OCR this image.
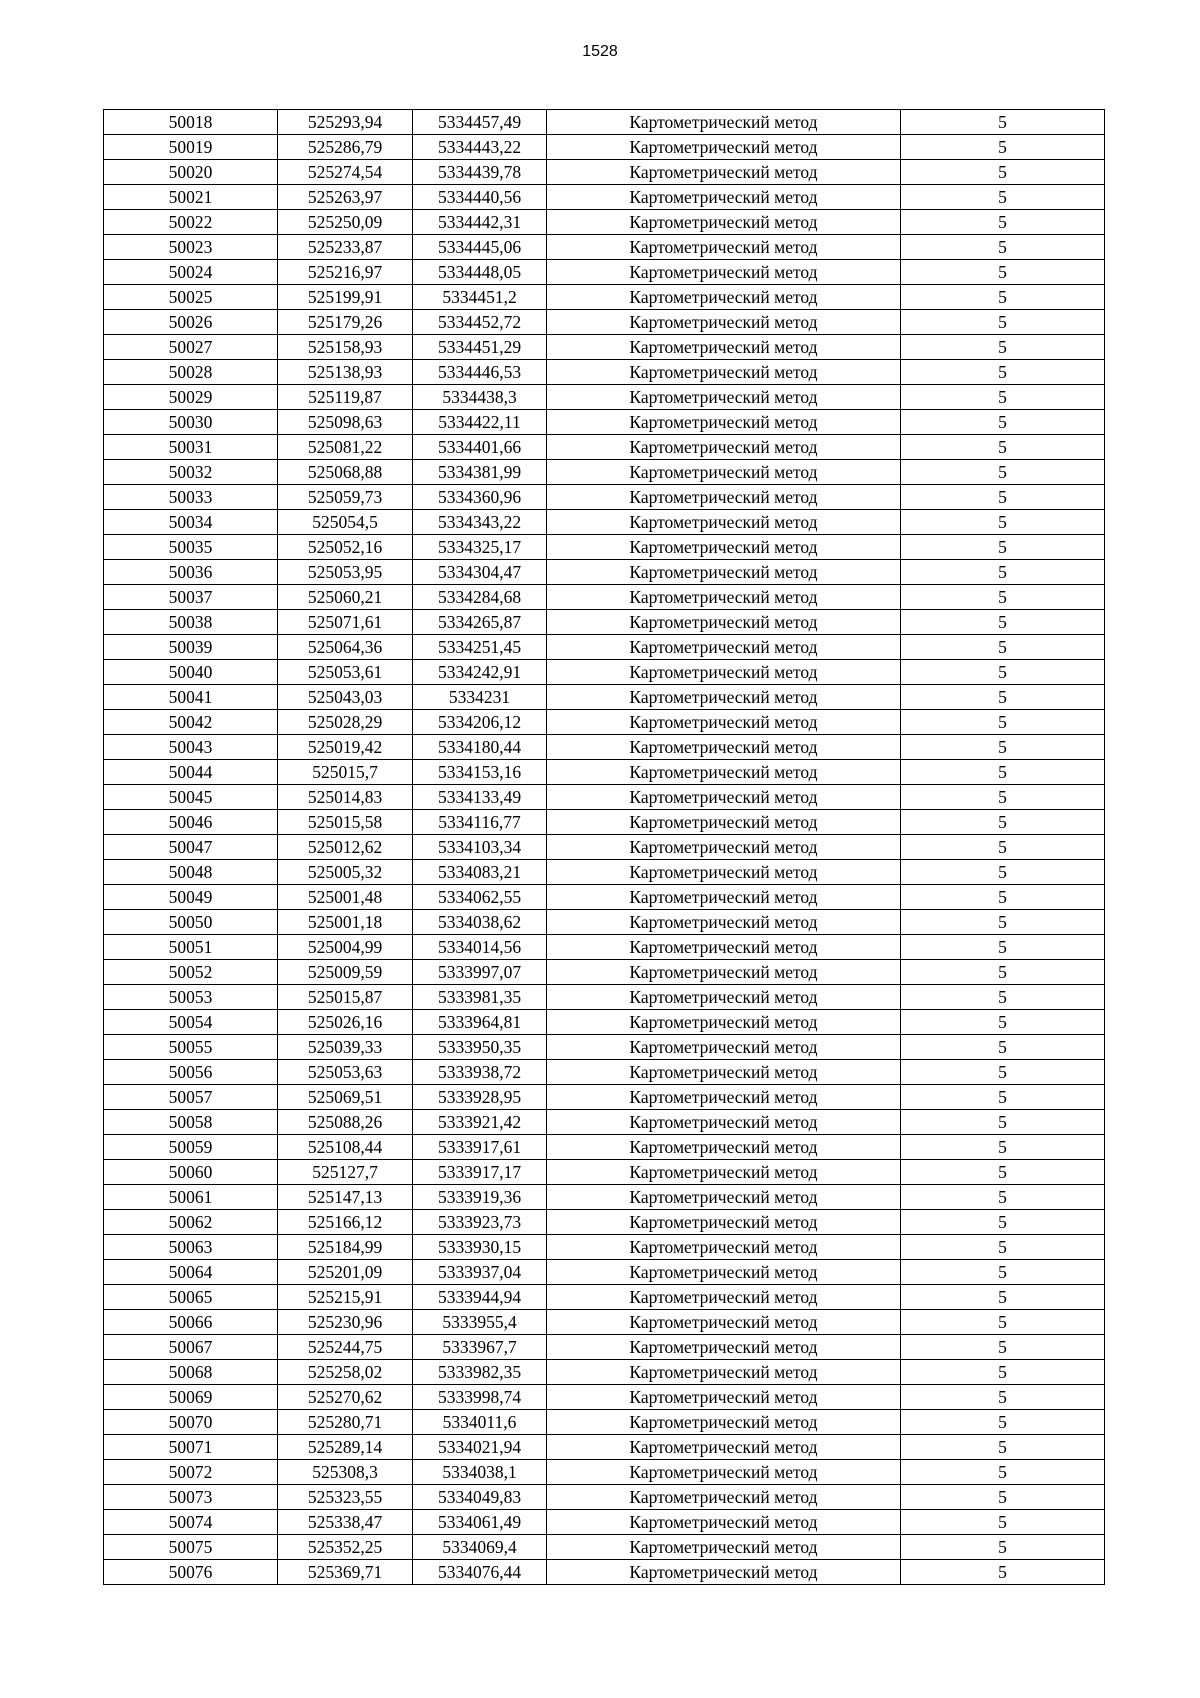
1528
50018	525293,94	5334457,49	Картометрический метод	5
50019	525286,79	5334443,22	Картометрический метод	5
50020	525274,54	5334439,78	Картометрический метод	5
50021	525263,97	5334440,56	Картометрический метод	5
50022	525250,09	5334442,31	Картометрический метод	5
50023	525233,87	5334445,06	Картометрический метод	5
50024	525216,97	5334448,05	Картометрический метод	5
50025	525199,91	5334451,2	Картометрический метод	5
50026	525179,26	5334452,72	Картометрический метод	5
50027	525158,93	5334451,29	Картометрический метод	5
50028	525138,93	5334446,53	Картометрический метод	5
50029	525119,87	5334438,3	Картометрический метод	5
50030	525098,63	5334422,11	Картометрический метод	5
50031	525081,22	5334401,66	Картометрический метод	5
50032	525068,88	5334381,99	Картометрический метод	5
50033	525059,73	5334360,96	Картометрический метод	5
50034	525054,5	5334343,22	Картометрический метод	5
50035	525052,16	5334325,17	Картометрический метод	5
50036	525053,95	5334304,47	Картометрический метод	5
50037	525060,21	5334284,68	Картометрический метод	5
50038	525071,61	5334265,87	Картометрический метод	5
50039	525064,36	5334251,45	Картометрический метод	5
50040	525053,61	5334242,91	Картометрический метод	5
50041	525043,03	5334231	Картометрический метод	5
50042	525028,29	5334206,12	Картометрический метод	5
50043	525019,42	5334180,44	Картометрический метод	5
50044	525015,7	5334153,16	Картометрический метод	5
50045	525014,83	5334133,49	Картометрический метод	5
50046	525015,58	5334116,77	Картометрический метод	5
50047	525012,62	5334103,34	Картометрический метод	5
50048	525005,32	5334083,21	Картометрический метод	5
50049	525001,48	5334062,55	Картометрический метод	5
50050	525001,18	5334038,62	Картометрический метод	5
50051	525004,99	5334014,56	Картометрический метод	5
50052	525009,59	5333997,07	Картометрический метод	5
50053	525015,87	5333981,35	Картометрический метод	5
50054	525026,16	5333964,81	Картометрический метод	5
50055	525039,33	5333950,35	Картометрический метод	5
50056	525053,63	5333938,72	Картометрический метод	5
50057	525069,51	5333928,95	Картометрический метод	5
50058	525088,26	5333921,42	Картометрический метод	5
50059	525108,44	5333917,61	Картометрический метод	5
50060	525127,7	5333917,17	Картометрический метод	5
50061	525147,13	5333919,36	Картометрический метод	5
50062	525166,12	5333923,73	Картометрический метод	5
50063	525184,99	5333930,15	Картометрический метод	5
50064	525201,09	5333937,04	Картометрический метод	5
50065	525215,91	5333944,94	Картометрический метод	5
50066	525230,96	5333955,4	Картометрический метод	5
50067	525244,75	5333967,7	Картометрический метод	5
50068	525258,02	5333982,35	Картометрический метод	5
50069	525270,62	5333998,74	Картометрический метод	5
50070	525280,71	5334011,6	Картометрический метод	5
50071	525289,14	5334021,94	Картометрический метод	5
50072	525308,3	5334038,1	Картометрический метод	5
50073	525323,55	5334049,83	Картометрический метод	5
50074	525338,47	5334061,49	Картометрический метод	5
50075	525352,25	5334069,4	Картометрический метод	5
50076	525369,71	5334076,44	Картометрический метод	5
